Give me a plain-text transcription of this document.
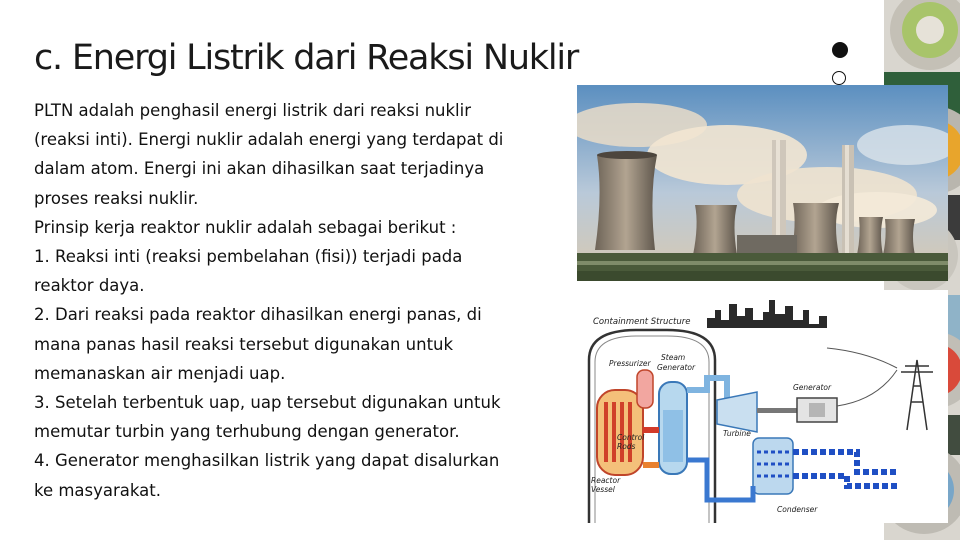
c. Energi Listrik dari Reaksi Nuklir
PLTN adalah penghasil energi listrik dari reaksi nuklir
(reaksi inti). Energi nuklir adalah energi yang terdapat di
dalam atom. Energi ini akan dihasilkan saat terjadinya
proses reaksi nuklir.
Prinsip kerja reaktor nuklir adalah sebagai berikut :
1. Reaksi inti (reaksi pembelahan (fisi)) terjadi pada
reaktor daya.
2. Dari reaksi pada reaktor dihasilkan energi panas, di
mana panas hasil reaksi tersebut digunakan untuk
memanaskan air menjadi uap.
3. Setelah terbentuk uap, uap tersebut digunakan untuk
memutar turbin yang terhubung dengan generator.
4. Generator menghasilkan listrik yang dapat disalurkan
ke masyarakat.
Containment Structure
Pressurizer
Steam
Generator
Control
Rods
Reactor
Vessel
Turbine
Generator
Condenser
